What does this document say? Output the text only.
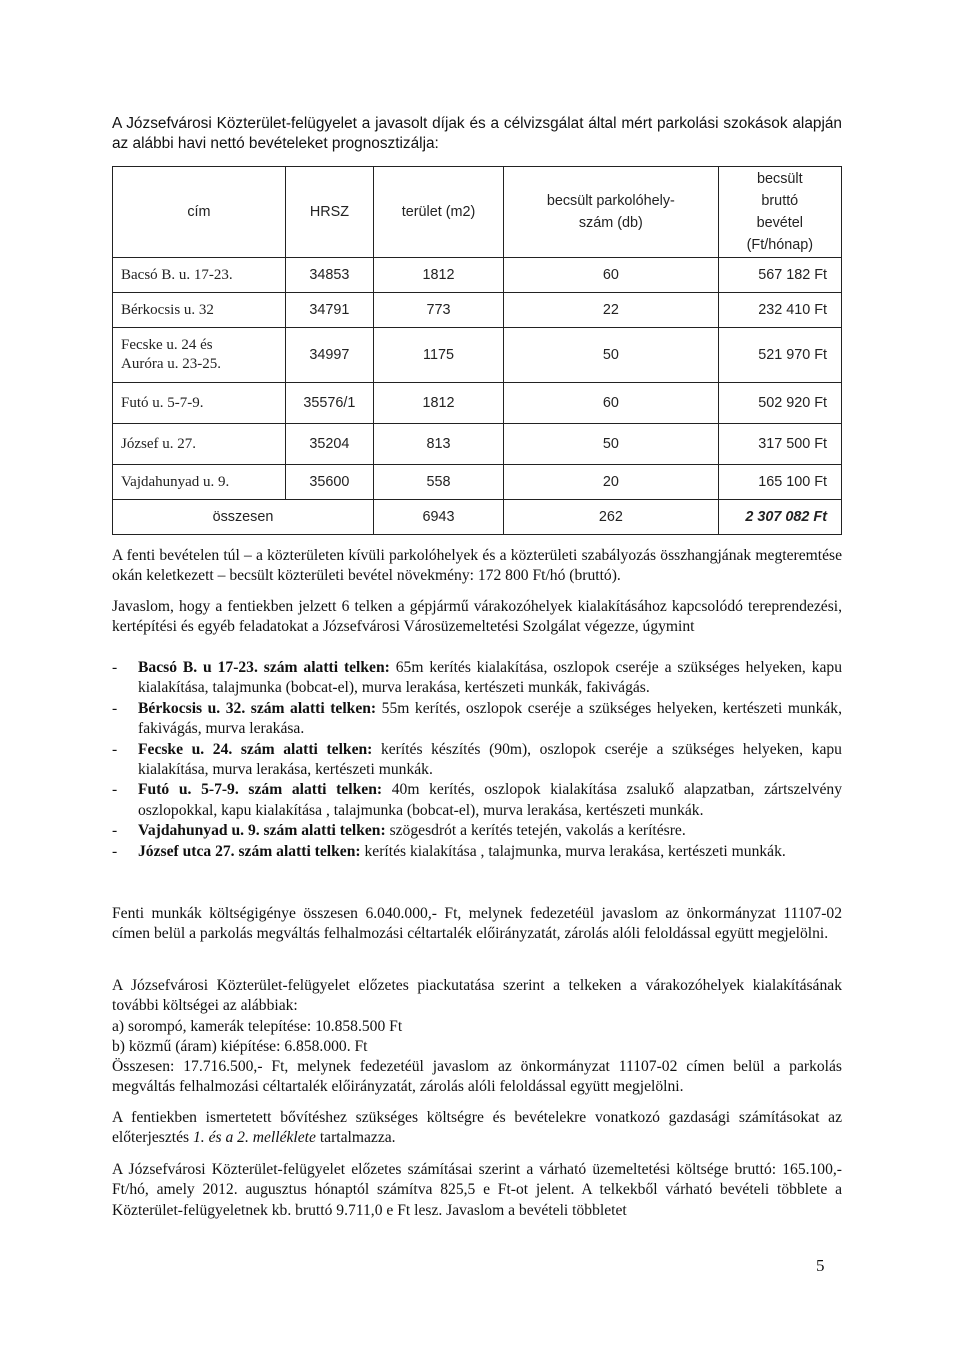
A Józsefvárosi Közterület-felügyelet a javasolt díjak és a célvizsgálat által mért parkolási szokások alapján az alábbi havi nettó bevételeket prognosztizálja:
cím	HRSZ	terület (m2)	becsült parkolóhely-szám (db)	becsült bruttó bevétel (Ft/hónap)
Bacsó B. u. 17-23.	34853	1812	60	567 182 Ft
Bérkocsis u. 32	34791	773	22	232 410 Ft
Fecske u. 24 és Auróra u. 23-25.	34997	1175	50	521 970 Ft
Futó u. 5-7-9.	35576/1	1812	60	502 920 Ft
József u. 27.	35204	813	50	317 500 Ft
Vajdahunyad u. 9.	35600	558	20	165 100 Ft
összesen		6943	262	2 307 082 Ft
A fenti bevételen túl – a közterületen kívüli parkolóhelyek és a közterületi szabályozás összhangjának megteremtése okán keletkezett – becsült közterületi bevétel növekmény: 172 800 Ft/hó (bruttó).
Javaslom, hogy a fentiekben jelzett 6 telken a gépjármű várakozóhelyek kialakításához kapcsolódó tereprendezési, kertépítési és egyéb feladatokat a Józsefvárosi Városüzemeltetési Szolgálat végezze, úgymint
- Bacsó B. u 17-23. szám alatti telken: 65m kerítés kialakítása, oszlopok cseréje a szükséges helyeken, kapu kialakítása, talajmunka (bobcat-el), murva lerakása, kertészeti munkák, fakivágás.
- Bérkocsis u. 32. szám alatti telken: 55m kerítés, oszlopok cseréje a szükséges helyeken, kertészeti munkák, fakivágás, murva lerakása.
- Fecske u. 24. szám alatti telken: kerítés készítés (90m), oszlopok cseréje a szükséges helyeken, kapu kialakítása, murva lerakása, kertészeti munkák.
- Futó u. 5-7-9. szám alatti telken: 40m kerítés, oszlopok kialakítása zsalukő alapzatban, zártszelvény oszlopokkal, kapu kialakítása , talajmunka (bobcat-el), murva lerakása, kertészeti munkák.
- Vajdahunyad u. 9. szám alatti telken: szögesdrót a kerítés tetején, vakolás a kerítésre.
- József utca 27. szám alatti telken: kerítés kialakítása , talajmunka, murva lerakása, kertészeti munkák.
Fenti munkák költségigénye összesen 6.040.000,- Ft, melynek fedezetéül javaslom az önkormányzat 11107-02 címen belül a parkolás megváltás felhalmozási céltartalék előirányzatát, zárolás alóli feloldással együtt megjelölni.
A Józsefvárosi Közterület-felügyelet előzetes piackutatása szerint a telkeken a várakozóhelyek kialakításának további költségei az alábbiak:
a) sorompó, kamerák telepítése: 10.858.500 Ft
b) közmű (áram) kiépítése: 6.858.000. Ft
Összesen: 17.716.500,- Ft, melynek fedezetéül javaslom az önkormányzat 11107-02 címen belül a parkolás megváltás felhalmozási céltartalék előirányzatát, zárolás alóli feloldással együtt megjelölni.
A fentiekben ismertetett bővítéshez szükséges költségre és bevételekre vonatkozó gazdasági számításokat az előterjesztés 1. és a 2. melléklete tartalmazza.
A Józsefvárosi Közterület-felügyelet előzetes számításai szerint a várható üzemeltetési költsége bruttó: 165.100,- Ft/hó, amely 2012. augusztus hónaptól számítva 825,5 e Ft-ot jelent. A telkekből várható bevételi többlete a Közterület-felügyeletnek kb. bruttó 9.711,0 e Ft lesz. Javaslom a bevételi többletet
5
